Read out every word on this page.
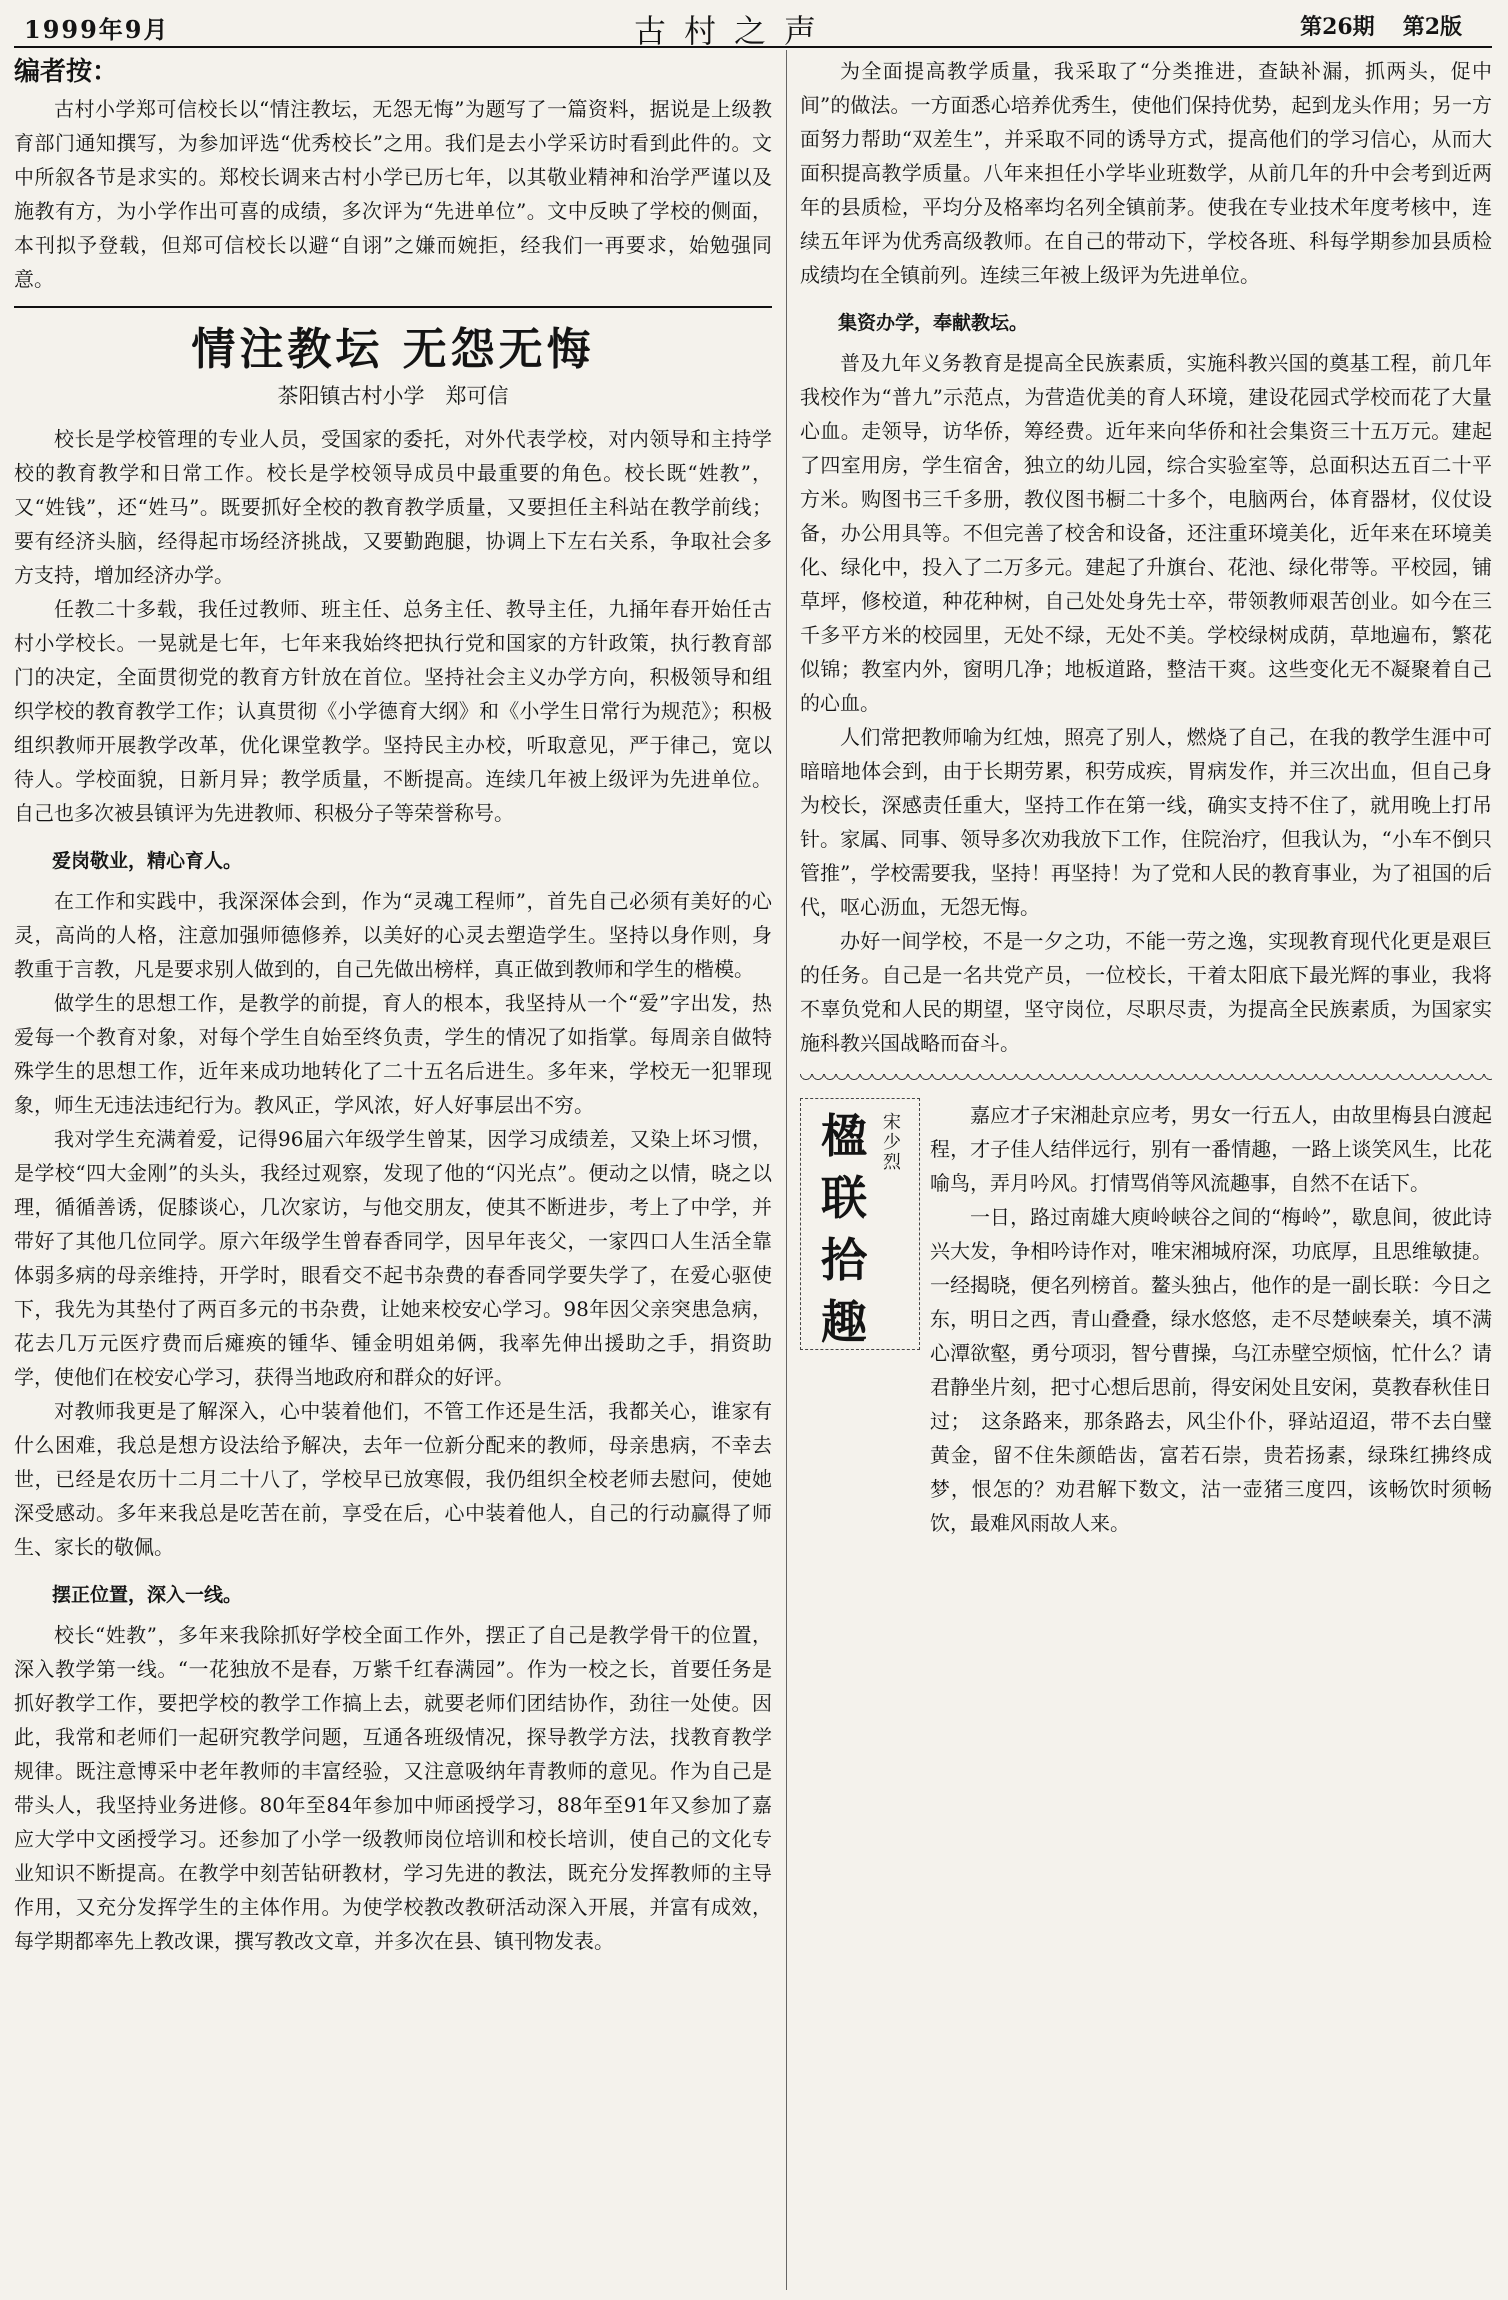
1999年9月	古村之声	第26期 第2版
编者按：

古村小学郑可信校长以“情注教坛，无怨无悔”为题写了一篇资料，据说是上级教育部门通知撰写，为参加评选“优秀校长”之用。我们是去小学采访时看到此件的。文中所叙各节是求实的。郑校长调来古村小学已历七年，以其敬业精神和治学严谨以及施教有方，为小学作出可喜的成绩，多次评为“先进单位”。文中反映了学校的侧面，本刊拟予登载，但郑可信校长以避“自诩”之嫌而婉拒，经我们一再要求，始勉强同意。

情注教坛 无怨无悔
茶阳镇古村小学　郑可信

校长是学校管理的专业人员，受国家的委托，对外代表学校，对内领导和主持学校的教育教学和日常工作。校长是学校领导成员中最重要的角色。校长既“姓教”，又“姓钱”，还“姓马”。既要抓好全校的教育教学质量，又要担任主科站在教学前线；要有经济头脑，经得起市场经济挑战，又要勤跑腿，协调上下左右关系，争取社会多方支持，增加经济办学。

任教二十多载，我任过教师、班主任、总务主任、教导主任，九捅年春开始任古村小学校长。一晃就是七年，七年来我始终把执行党和国家的方针政策，执行教育部门的决定，全面贯彻党的教育方针放在首位。坚持社会主义办学方向，积极领导和组织学校的教育教学工作；认真贯彻《小学德育大纲》和《小学生日常行为规范》；积极组织教师开展教学改革，优化课堂教学。坚持民主办校，听取意见，严于律己，宽以待人。学校面貌，日新月异；教学质量，不断提高。连续几年被上级评为先进单位。自己也多次被县镇评为先进教师、积极分子等荣誉称号。

爱岗敬业，精心育人。

在工作和实践中，我深深体会到，作为“灵魂工程师”，首先自己必须有美好的心灵，高尚的人格，注意加强师德修养，以美好的心灵去塑造学生。坚持以身作则，身教重于言教，凡是要求别人做到的，自己先做出榜样，真正做到教师和学生的楷模。

做学生的思想工作，是教学的前提，育人的根本，我坚持从一个“爱”字出发，热爱每一个教育对象，对每个学生自始至终负责，学生的情况了如指掌。每周亲自做特殊学生的思想工作，近年来成功地转化了二十五名后进生。多年来，学校无一犯罪现象，师生无违法违纪行为。教风正，学风浓，好人好事层出不穷。

我对学生充满着爱，记得96届六年级学生曾某，因学习成绩差，又染上坏习惯，是学校“四大金刚”的头头，我经过观察，发现了他的“闪光点”。便动之以情，晓之以理，循循善诱，促膝谈心，几次家访，与他交朋友，使其不断进步，考上了中学，并带好了其他几位同学。原六年级学生曾春香同学，因早年丧父，一家四口人生活全靠体弱多病的母亲维持，开学时，眼看交不起书杂费的春香同学要失学了，在爱心驱使下，我先为其垫付了两百多元的书杂费，让她来校安心学习。98年因父亲突患急病，花去几万元医疗费而后瘫痪的锺华、锺金明姐弟俩，我率先伸出援助之手，捐资助学，使他们在校安心学习，获得当地政府和群众的好评。

对教师我更是了解深入，心中装着他们，不管工作还是生活，我都关心，谁家有什么困难，我总是想方设法给予解决，去年一位新分配来的教师，母亲患病，不幸去世，已经是农历十二月二十八了，学校早已放寒假，我仍组织全校老师去慰问，使她深受感动。多年来我总是吃苦在前，享受在后，心中装着他人，自己的行动赢得了师生、家长的敬佩。

摆正位置，深入一线。

校长“姓教”，多年来我除抓好学校全面工作外，摆正了自己是教学骨干的位置，深入教学第一线。“一花独放不是春，万紫千红春满园”。作为一校之长，首要任务是抓好教学工作，要把学校的教学工作搞上去，就要老师们团结协作，劲往一处使。因此，我常和老师们一起研究教学问题，互通各班级情况，探导教学方法，找教育教学规律。既注意博采中老年教师的丰富经验，又注意吸纳年青教师的意见。作为自己是带头人，我坚持业务进修。80年至84年参加中师函授学习，88年至91年又参加了嘉应大学中文函授学习。还参加了小学一级教师岗位培训和校长培训，使自己的文化专业知识不断提高。在教学中刻苦钻研教材，学习先进的教法，既充分发挥教师的主导作用，又充分发挥学生的主体作用。为使学校教改教研活动深入开展，并富有成效，每学期都率先上教改课，撰写教改文章，并多次在县、镇刊物发表。

为全面提高教学质量，我采取了“分类推进，查缺补漏，抓两头，促中间”的做法。一方面悉心培养优秀生，使他们保持优势，起到龙头作用；另一方面努力帮助“双差生”，并采取不同的诱导方式，提高他们的学习信心，从而大面积提高教学质量。八年来担任小学毕业班数学，从前几年的升中会考到近两年的县质检，平均分及格率均名列全镇前茅。使我在专业技术年度考核中，连续五年评为优秀高级教师。在自己的带动下，学校各班、科每学期参加县质检成绩均在全镇前列。连续三年被上级评为先进单位。

集资办学，奉献教坛。

普及九年义务教育是提高全民族素质，实施科教兴国的奠基工程，前几年我校作为“普九”示范点，为营造优美的育人环境，建设花园式学校而花了大量心血。走领导，访华侨，筹经费。近年来向华侨和社会集资三十五万元。建起了四室用房，学生宿舍，独立的幼儿园，综合实验室等，总面积达五百二十平方米。购图书三千多册，教仪图书橱二十多个，电脑两台，体育器材，仪仗设备，办公用具等。不但完善了校舍和设备，还注重环境美化，近年来在环境美化、绿化中，投入了二万多元。建起了升旗台、花池、绿化带等。平校园，铺草坪，修校道，种花种树，自己处处身先士卒，带领教师艰苦创业。如今在三千多平方米的校园里，无处不绿，无处不美。学校绿树成荫，草地遍布，繁花似锦；教室内外，窗明几净；地板道路，整洁干爽。这些变化无不凝聚着自己的心血。

人们常把教师喻为红烛，照亮了别人，燃烧了自己，在我的教学生涯中可暗暗地体会到，由于长期劳累，积劳成疾，胃病发作，并三次出血，但自己身为校长，深感责任重大，坚持工作在第一线，确实支持不住了，就用晚上打吊针。家属、同事、领导多次劝我放下工作，住院治疗，但我认为，“小车不倒只管推”，学校需要我，坚持！再坚持！为了党和人民的教育事业，为了祖国的后代，呕心沥血，无怨无悔。

办好一间学校，不是一夕之功，不能一劳之逸，实现教育现代化更是艰巨的任务。自己是一名共党产员，一位校长，干着太阳底下最光辉的事业，我将不辜负党和人民的期望，坚守岗位，尽职尽责，为提高全民族素质，为国家实施科教兴国战略而奋斗。

楹
联
拾
趣
宋少烈

嘉应才子宋湘赴京应考，男女一行五人，由故里梅县白渡起程，才子佳人结伴远行，别有一番情趣，一路上谈笑风生，比花喻鸟，弄月吟风。打情骂俏等风流趣事，自然不在话下。

一日，路过南雄大庾岭峡谷之间的“梅岭”，歇息间，彼此诗兴大发，争相吟诗作对，唯宋湘城府深，功底厚，且思维敏捷。一经揭晓，便名列榜首。鳌头独占，他作的是一副长联：今日之东，明日之西，青山叠叠，绿水悠悠，走不尽楚峡秦关，填不满心潭欲壑，勇兮项羽，智兮曹操，乌江赤壁空烦恼，忙什么？请君静坐片刻，把寸心想后思前，得安闲处且安闲，莫教春秋佳日过；　这条路来，那条路去，风尘仆仆，驿站迢迢，带不去白璧黄金，留不住朱颜皓齿，富若石崇，贵若扬素，绿珠红拂终成梦，恨怎的？劝君解下数文，沽一壶猪三度四，该畅饮时须畅饮，最难风雨故人来。
